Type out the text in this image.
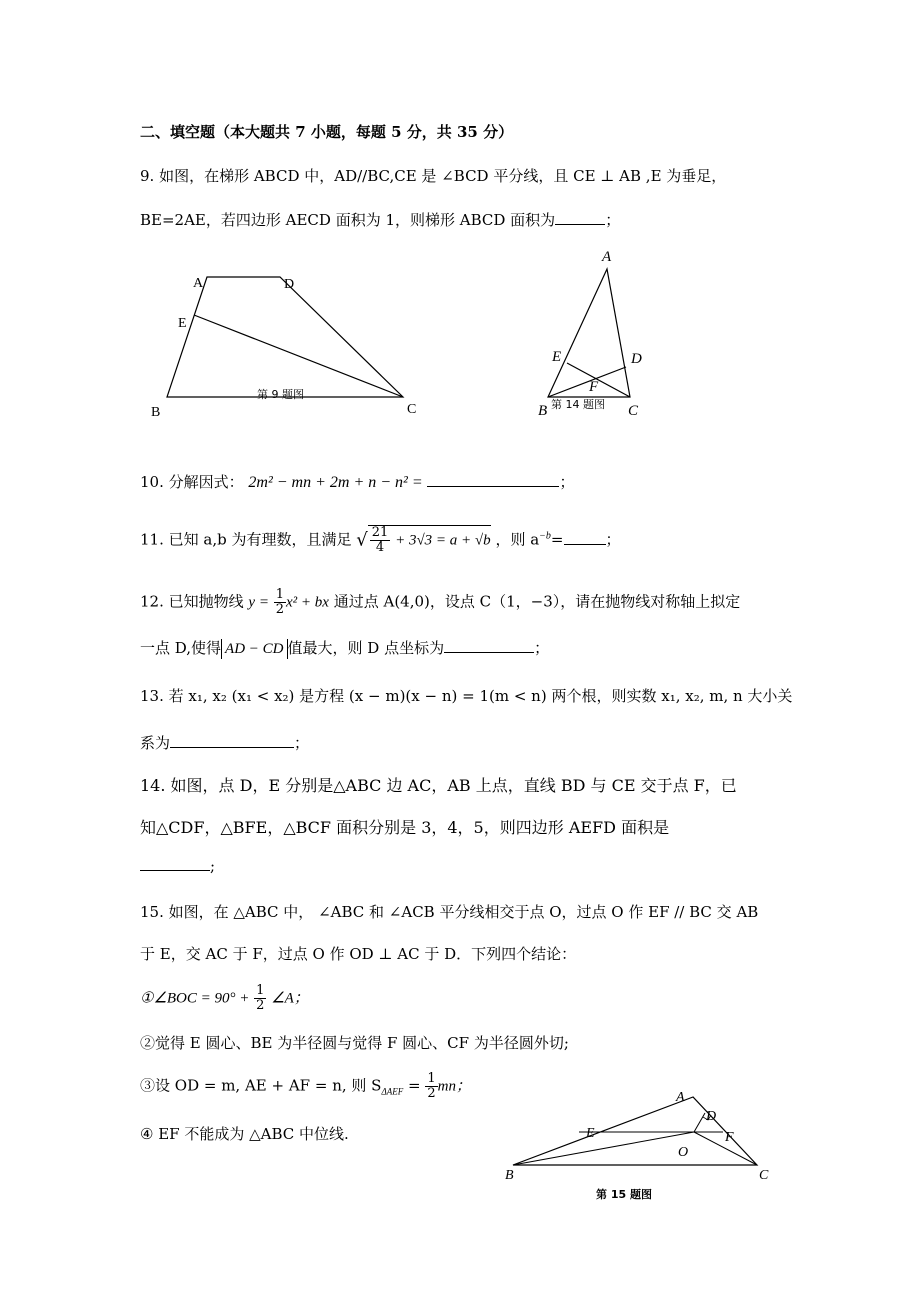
二、填空题（本大题共 7 小题，每题 5 分，共 35 分）
9. 如图，在梯形 ABCD 中，AD//BC,CE 是 ∠BCD 平分线，且 CE ⊥ AB ,E 为垂足，
BE=2AE，若四边形 AECD 面积为 1，则梯形 ABCD 面积为	；
A	D
E
B	C
第 9 题图
A
E	D
F
B	C
第 14 题图
10. 分解因式： 2m² − mn + 2m + n − n² =	；
11. 已知 a,b 为有理数，且满足 √ $\frac{21}{4} + 3√3 = a + √b$ ，则 $a^{-b}=$	；
12. 已知抛物线 $y = \frac{1}{2} x^2$ + bx 通过点 A(4,0)，设点 C（1，−3），请在抛物线对称轴上拟定
一点 D,使得 AD − CD 值最大，则 D 点坐标为	；
13. 若 x₁, x₂ (x₁ < x₂) 是方程 (x − m)(x − n) = 1(m < n) 两个根，则实数 x₁, x₂, m, n 大小关
系为	；
14. 如图，点 D，E 分别是△ABC 边 AC，AB 上点，直线 BD 与 CE 交于点 F，已
知△CDF，△BFE，△BCF 面积分别是 3，4，5，则四边形 AEFD 面积是
;
15. 如图，在 △ABC 中， ∠ABC 和 ∠ACB 平分线相交于点 O，过点 O 作 EF // BC 交 AB
于 E，交 AC 于 F，过点 O 作 OD ⊥ AC 于 D．下列四个结论：
①∠BOC = $90^\circ + \frac{1}{2}$ ∠A；
②觉得 E 圆心、BE 为半径圆与觉得 F 圆心、CF 为半径圆外切;
③设 OD = m, AE + AF = n, 则 $S_{\Delta AEF} = \frac{1}{2}$ mn；
④ EF 不能成为 △ABC 中位线.
A
D
E	F
O
B	C
第 15 题图
